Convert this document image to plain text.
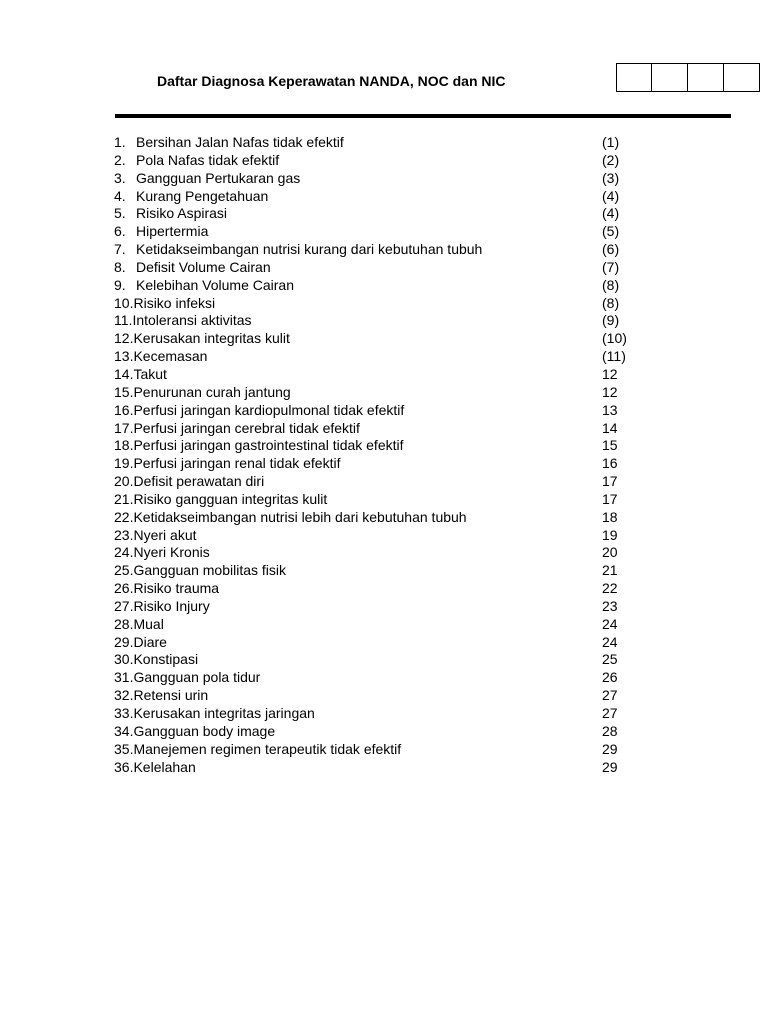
Daftar Diagnosa Keperawatan NANDA, NOC dan NIC
1. Bersihan Jalan Nafas tidak efektif	(1)
2. Pola Nafas tidak efektif	(2)
3. Gangguan Pertukaran gas	(3)
4. Kurang Pengetahuan	(4)
5. Risiko Aspirasi	(4)
6. Hipertermia	(5)
7. Ketidakseimbangan nutrisi kurang dari kebutuhan tubuh	(6)
8. Defisit Volume Cairan	(7)
9. Kelebihan Volume Cairan	(8)
10.Risiko infeksi	(8)
11.Intoleransi aktivitas	(9)
12.Kerusakan integritas kulit	(10)
13.Kecemasan	(11)
14.Takut	12
15.Penurunan curah jantung	12
16.Perfusi jaringan kardiopulmonal tidak efektif	13
17.Perfusi jaringan cerebral tidak efektif	14
18.Perfusi jaringan gastrointestinal tidak efektif	15
19.Perfusi jaringan renal tidak efektif	16
20.Defisit perawatan diri	17
21.Risiko gangguan integritas kulit	17
22.Ketidakseimbangan nutrisi lebih dari kebutuhan tubuh	18
23.Nyeri akut	19
24.Nyeri Kronis	20
25.Gangguan mobilitas fisik	21
26.Risiko trauma	22
27.Risiko Injury	23
28.Mual	24
29.Diare	24
30.Konstipasi	25
31.Gangguan pola tidur	26
32.Retensi urin	27
33.Kerusakan integritas jaringan	27
34.Gangguan body image	28
35.Manejemen regimen terapeutik tidak efektif	29
36.Kelelahan	29
